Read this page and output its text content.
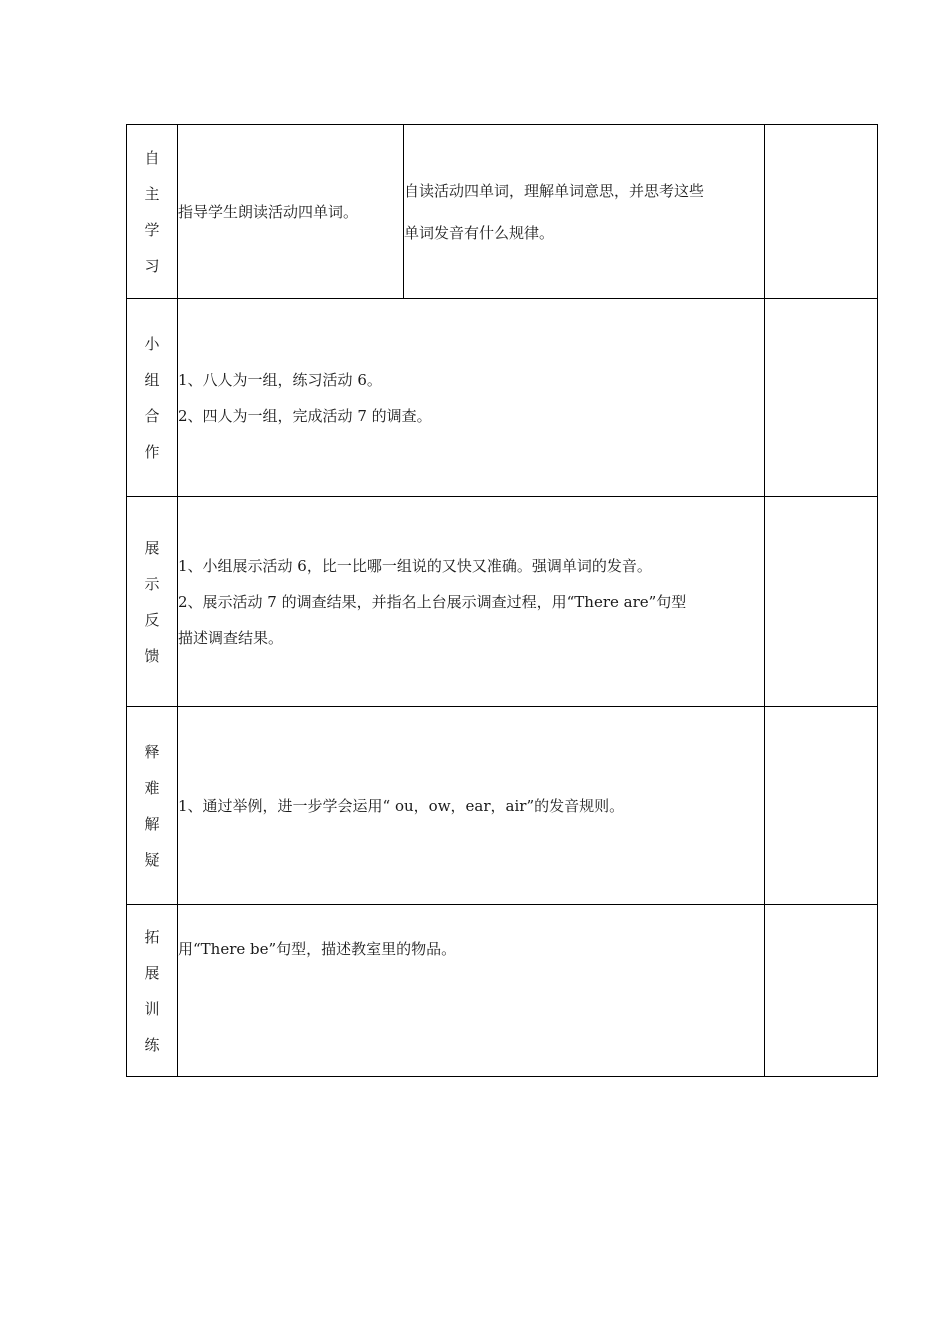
自
主
学
习	指导学生朗读活动四单词。	自读活动四单词，理解单词意思，并思考这些
单词发音有什么规律。	

小
组
合
作	1、八人为一组，练习活动 6。
2、四人为一组，完成活动 7 的调查。		

展
示
反
馈	1、小组展示活动 6，比一比哪一组说的又快又准确。强调单词的发音。
2、展示活动 7 的调查结果，并指名上台展示调查过程，用“There are”句型
描述调查结果。		

释
难
解
疑	1、通过举例，进一步学会运用“ ou，ow，ear，air”的发音规则。		

拓
展
训
练	用“There be”句型，描述教室里的物品。		
